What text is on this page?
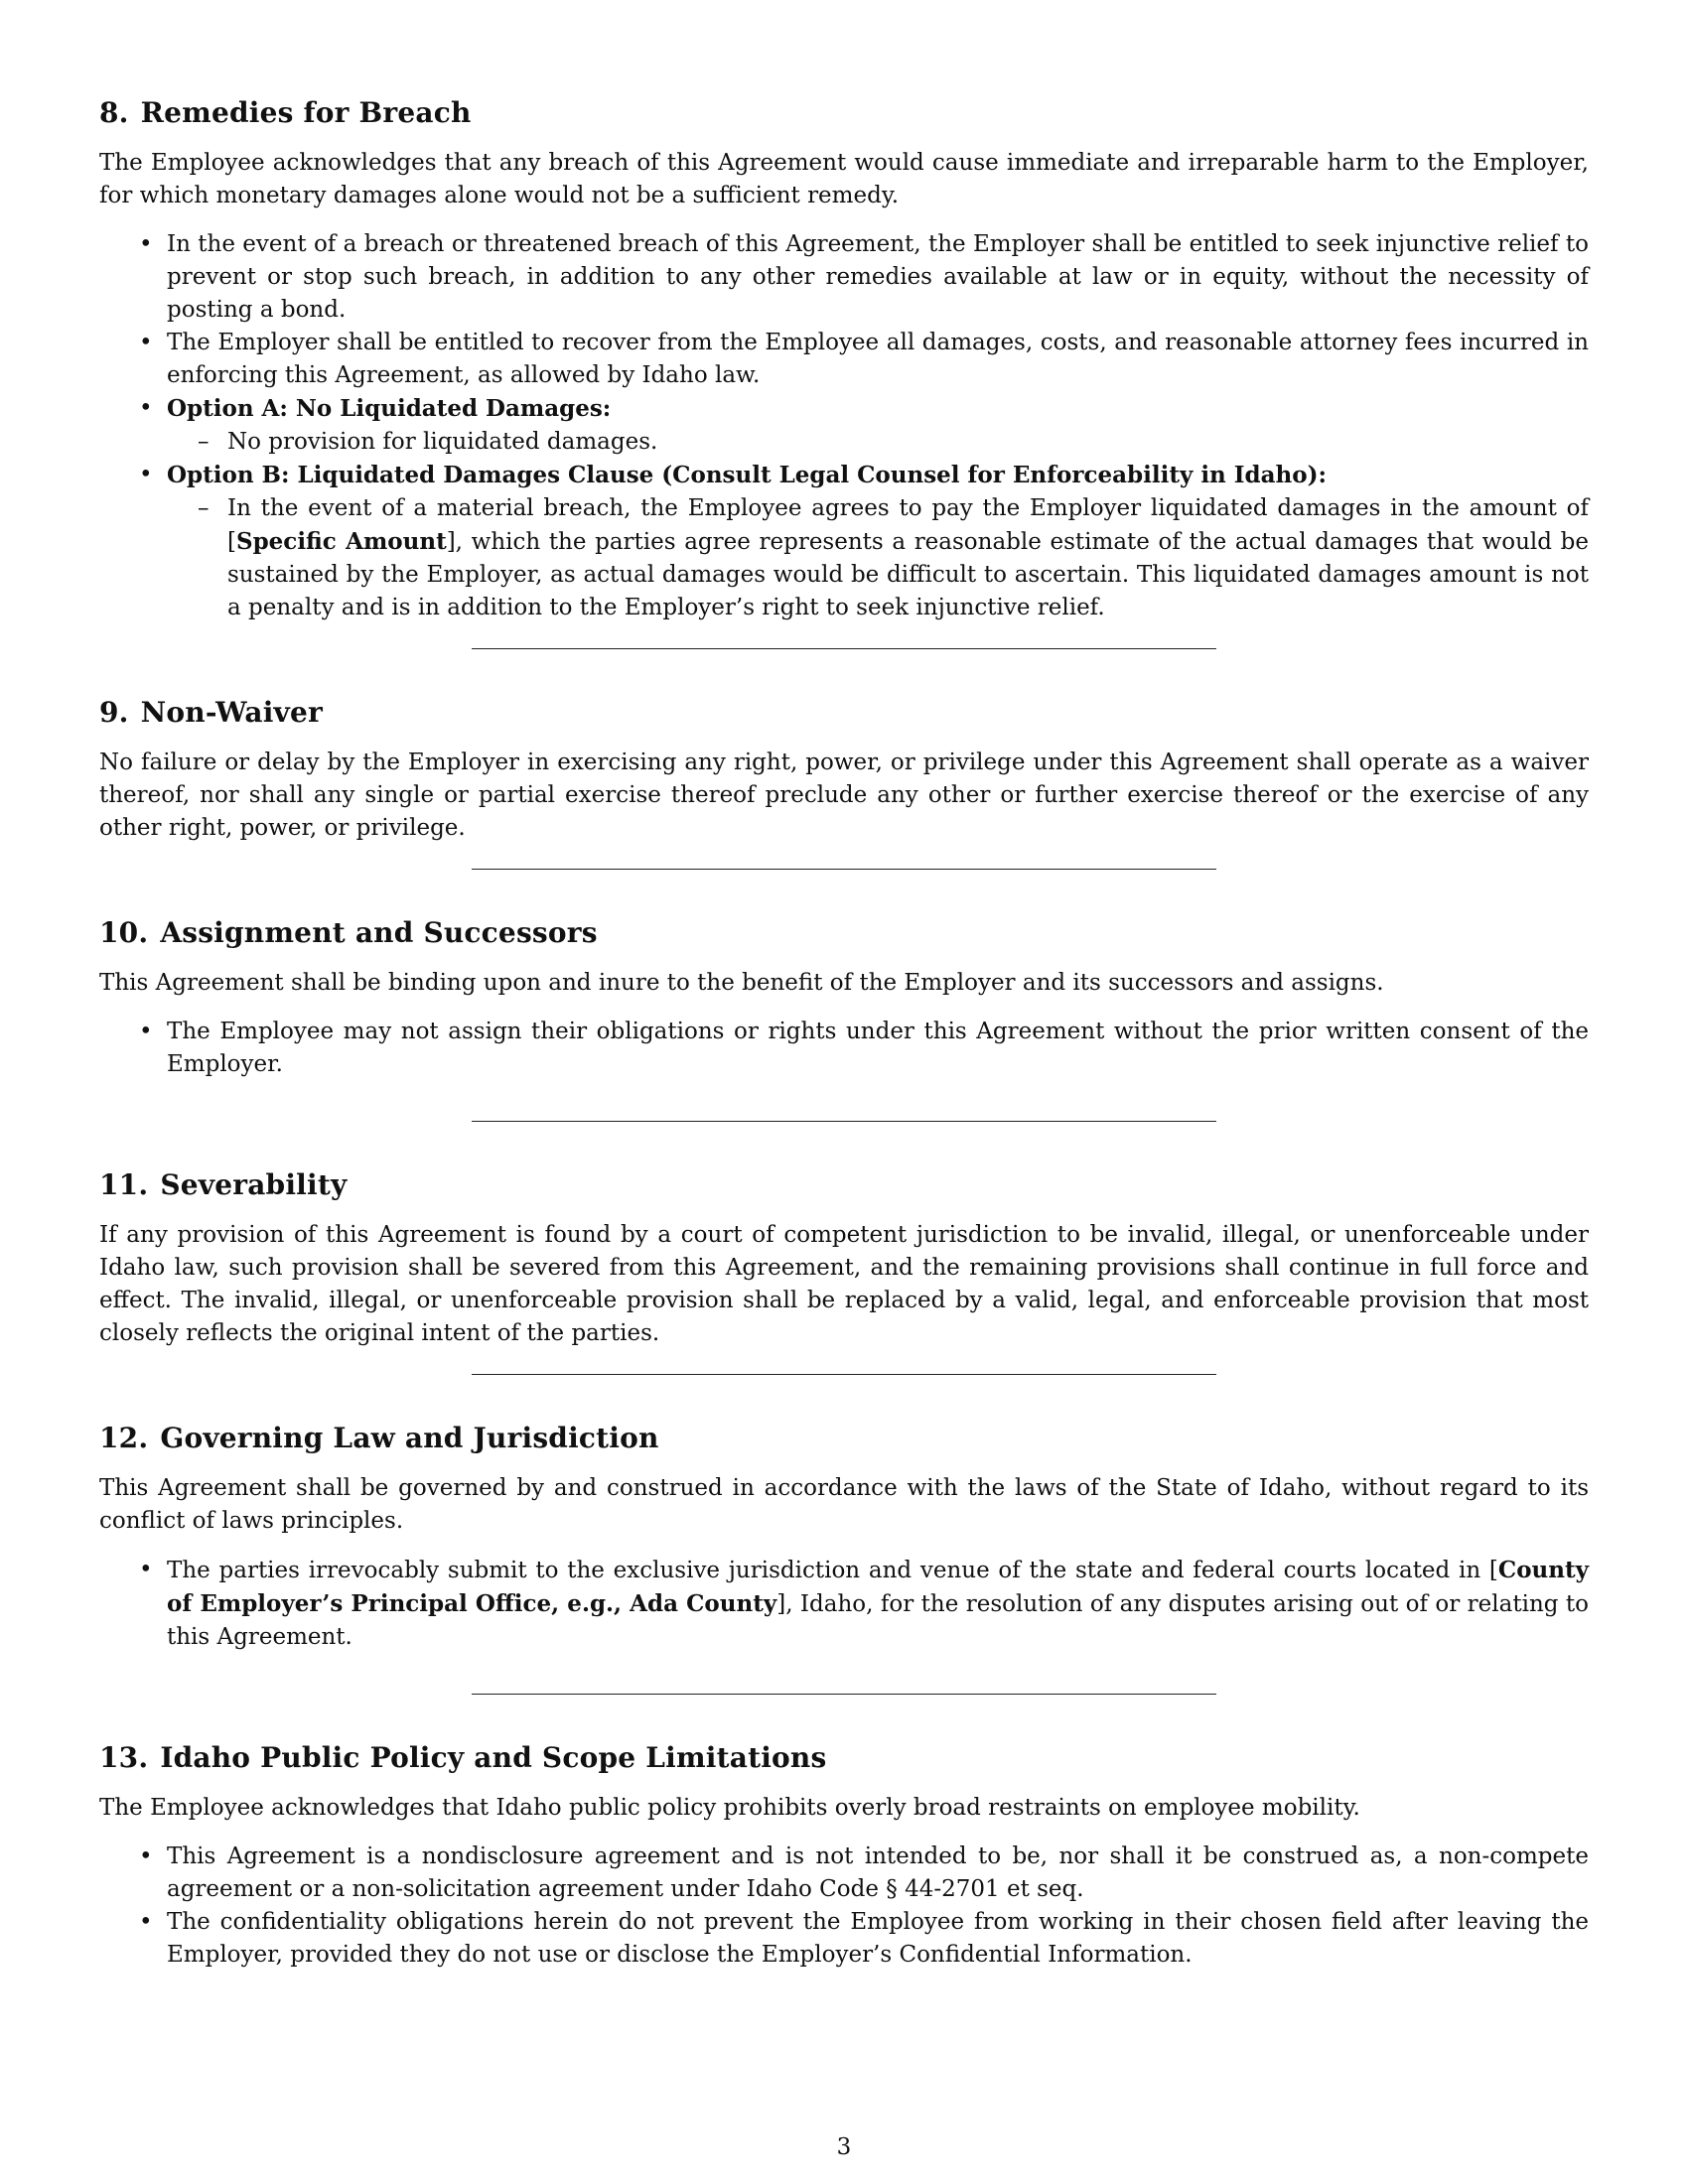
8. Remedies for Breach

The Employee acknowledges that any breach of this Agreement would cause immediate and irreparable harm to the Employer, for which monetary damages alone would not be a sufficient remedy.

• In the event of a breach or threatened breach of this Agreement, the Employer shall be entitled to seek injunctive relief to prevent or stop such breach, in addition to any other remedies available at law or in equity, without the necessity of posting a bond.
• The Employer shall be entitled to recover from the Employee all damages, costs, and reasonable attorney fees incurred in enforcing this Agreement, as allowed by Idaho law.
• Option A: No Liquidated Damages:
– No provision for liquidated damages.
• Option B: Liquidated Damages Clause (Consult Legal Counsel for Enforceability in Idaho):
– In the event of a material breach, the Employee agrees to pay the Employer liquidated damages in the amount of [Specific Amount], which the parties agree represents a reasonable estimate of the actual damages that would be sustained by the Employer, as actual damages would be difficult to ascertain. This liquidated damages amount is not a penalty and is in addition to the Employer’s right to seek injunctive relief.
9. Non-Waiver

No failure or delay by the Employer in exercising any right, power, or privilege under this Agreement shall operate as a waiver thereof, nor shall any single or partial exercise thereof preclude any other or further exercise thereof or the exercise of any other right, power, or privilege.

10. Assignment and Successors

This Agreement shall be binding upon and inure to the benefit of the Employer and its successors and assigns.

• The Employee may not assign their obligations or rights under this Agreement without the prior written consent of the Employer.
11. Severability

If any provision of this Agreement is found by a court of competent jurisdiction to be invalid, illegal, or unenforceable under Idaho law, such provision shall be severed from this Agreement, and the remaining provisions shall continue in full force and effect. The invalid, illegal, or unenforceable provision shall be replaced by a valid, legal, and enforceable provision that most closely reflects the original intent of the parties.

12. Governing Law and Jurisdiction

This Agreement shall be governed by and construed in accordance with the laws of the State of Idaho, without regard to its conflict of laws principles.

• The parties irrevocably submit to the exclusive jurisdiction and venue of the state and federal courts located in [County of Employer’s Principal Office, e.g., Ada County], Idaho, for the resolution of any disputes arising out of or relating to this Agreement.
13. Idaho Public Policy and Scope Limitations

The Employee acknowledges that Idaho public policy prohibits overly broad restraints on employee mobility.

• This Agreement is a nondisclosure agreement and is not intended to be, nor shall it be construed as, a non-compete agreement or a non-solicitation agreement under Idaho Code § 44-2701 et seq.
• The confidentiality obligations herein do not prevent the Employee from working in their chosen field after leaving the Employer, provided they do not use or disclose the Employer’s Confidential Information.
3
